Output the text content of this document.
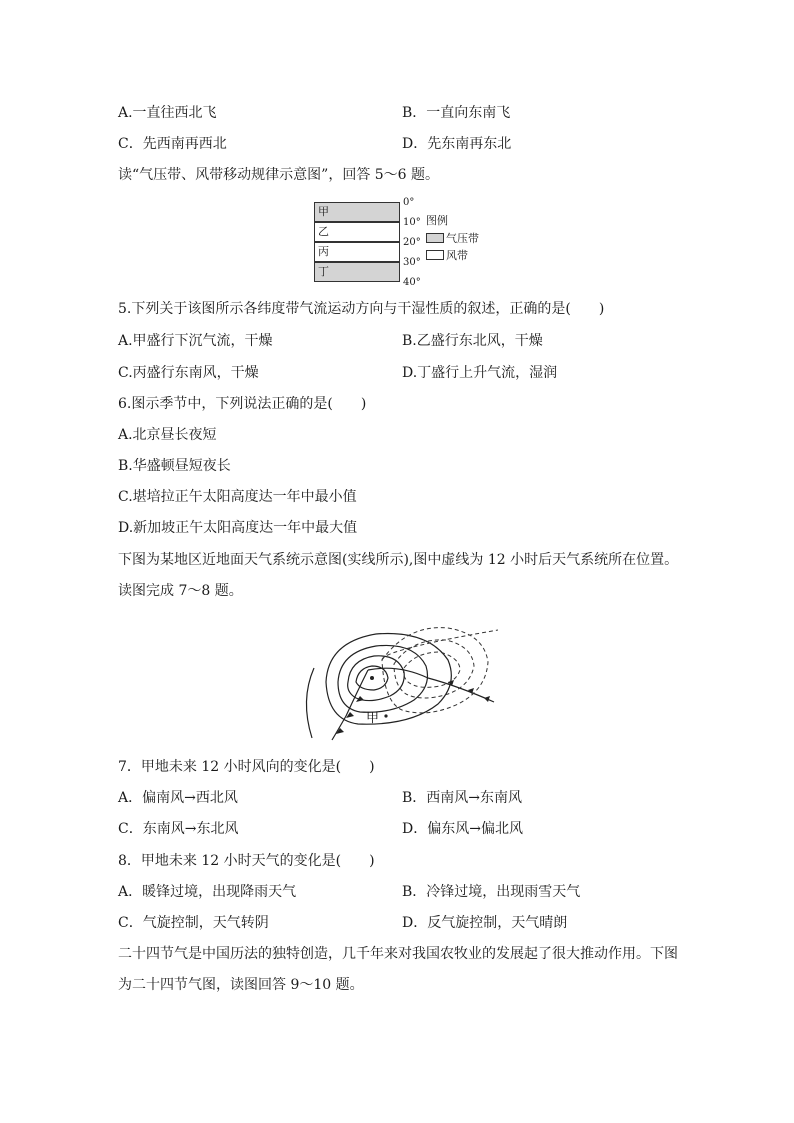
A.一直往西北飞	B．一直向东南飞
C．先西南再西北	D．先东南再东北
读“气压带、风带移动规律示意图”，回答 5～6 题。
甲
乙
丙
丁
0°
10°
20°
30°
40°
图例
气压带
风带
5.下列关于该图所示各纬度带气流运动方向与干湿性质的叙述，正确的是(　　)
A.甲盛行下沉气流，干燥	B.乙盛行东北风，干燥
C.丙盛行东南风，干燥	D.丁盛行上升气流，湿润
6.图示季节中，下列说法正确的是(　　)
A.北京昼长夜短
B.华盛顿昼短夜长
C.堪培拉正午太阳高度达一年中最小值
D.新加坡正午太阳高度达一年中最大值
下图为某地区近地面天气系统示意图(实线所示),图中虚线为 12 小时后天气系统所在位置。
读图完成 7～8 题。
甲
7．甲地未来 12 小时风向的变化是(　　)
A．偏南风→西北风	B．西南风→东南风
C．东南风→东北风	D．偏东风→偏北风
8．甲地未来 12 小时天气的变化是(　　)
A．暖锋过境，出现降雨天气	B．冷锋过境，出现雨雪天气
C．气旋控制，天气转阴	D．反气旋控制，天气晴朗
二十四节气是中国历法的独特创造，几千年来对我国农牧业的发展起了很大推动作用。下图
为二十四节气图，读图回答 9～10 题。
